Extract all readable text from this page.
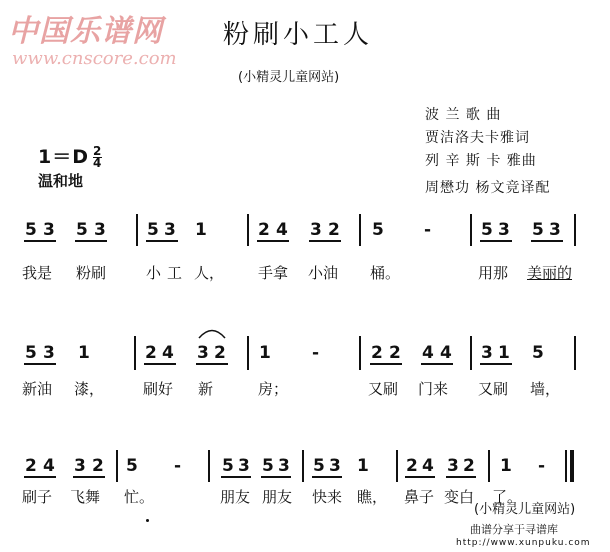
中国乐谱网
www.cnscore.com
粉刷小工人
(小精灵儿童网站)
波 兰 歌 曲
贾洁洛夫卡雅词
列 辛 斯 卡 雅曲
周懋功 杨文竞译配
$1=D \frac{2}{4}$
温和地
5 3 5 3 5 3 1	2 4 3 2 5 -	5 3 5 3
我是 粉刷	小 工 人， 手拿 小油 桶。	用那 美丽的
5 3 1	2 4 3 2 1 -	2 2 4 4 3 1 5
新油 漆，	刷好 新	房；	又刷 门来 又刷 墙，
2 4 3 2 5 - 5 3 5 3 5 3 1 2 4 3 2 1 -
刷子 飞舞 忙。	朋友 朋友 快来 瞧， 鼻子 变白 了。
(小精灵儿童网站)
曲谱分享于寻谱库
http://www.xunpuku.com
